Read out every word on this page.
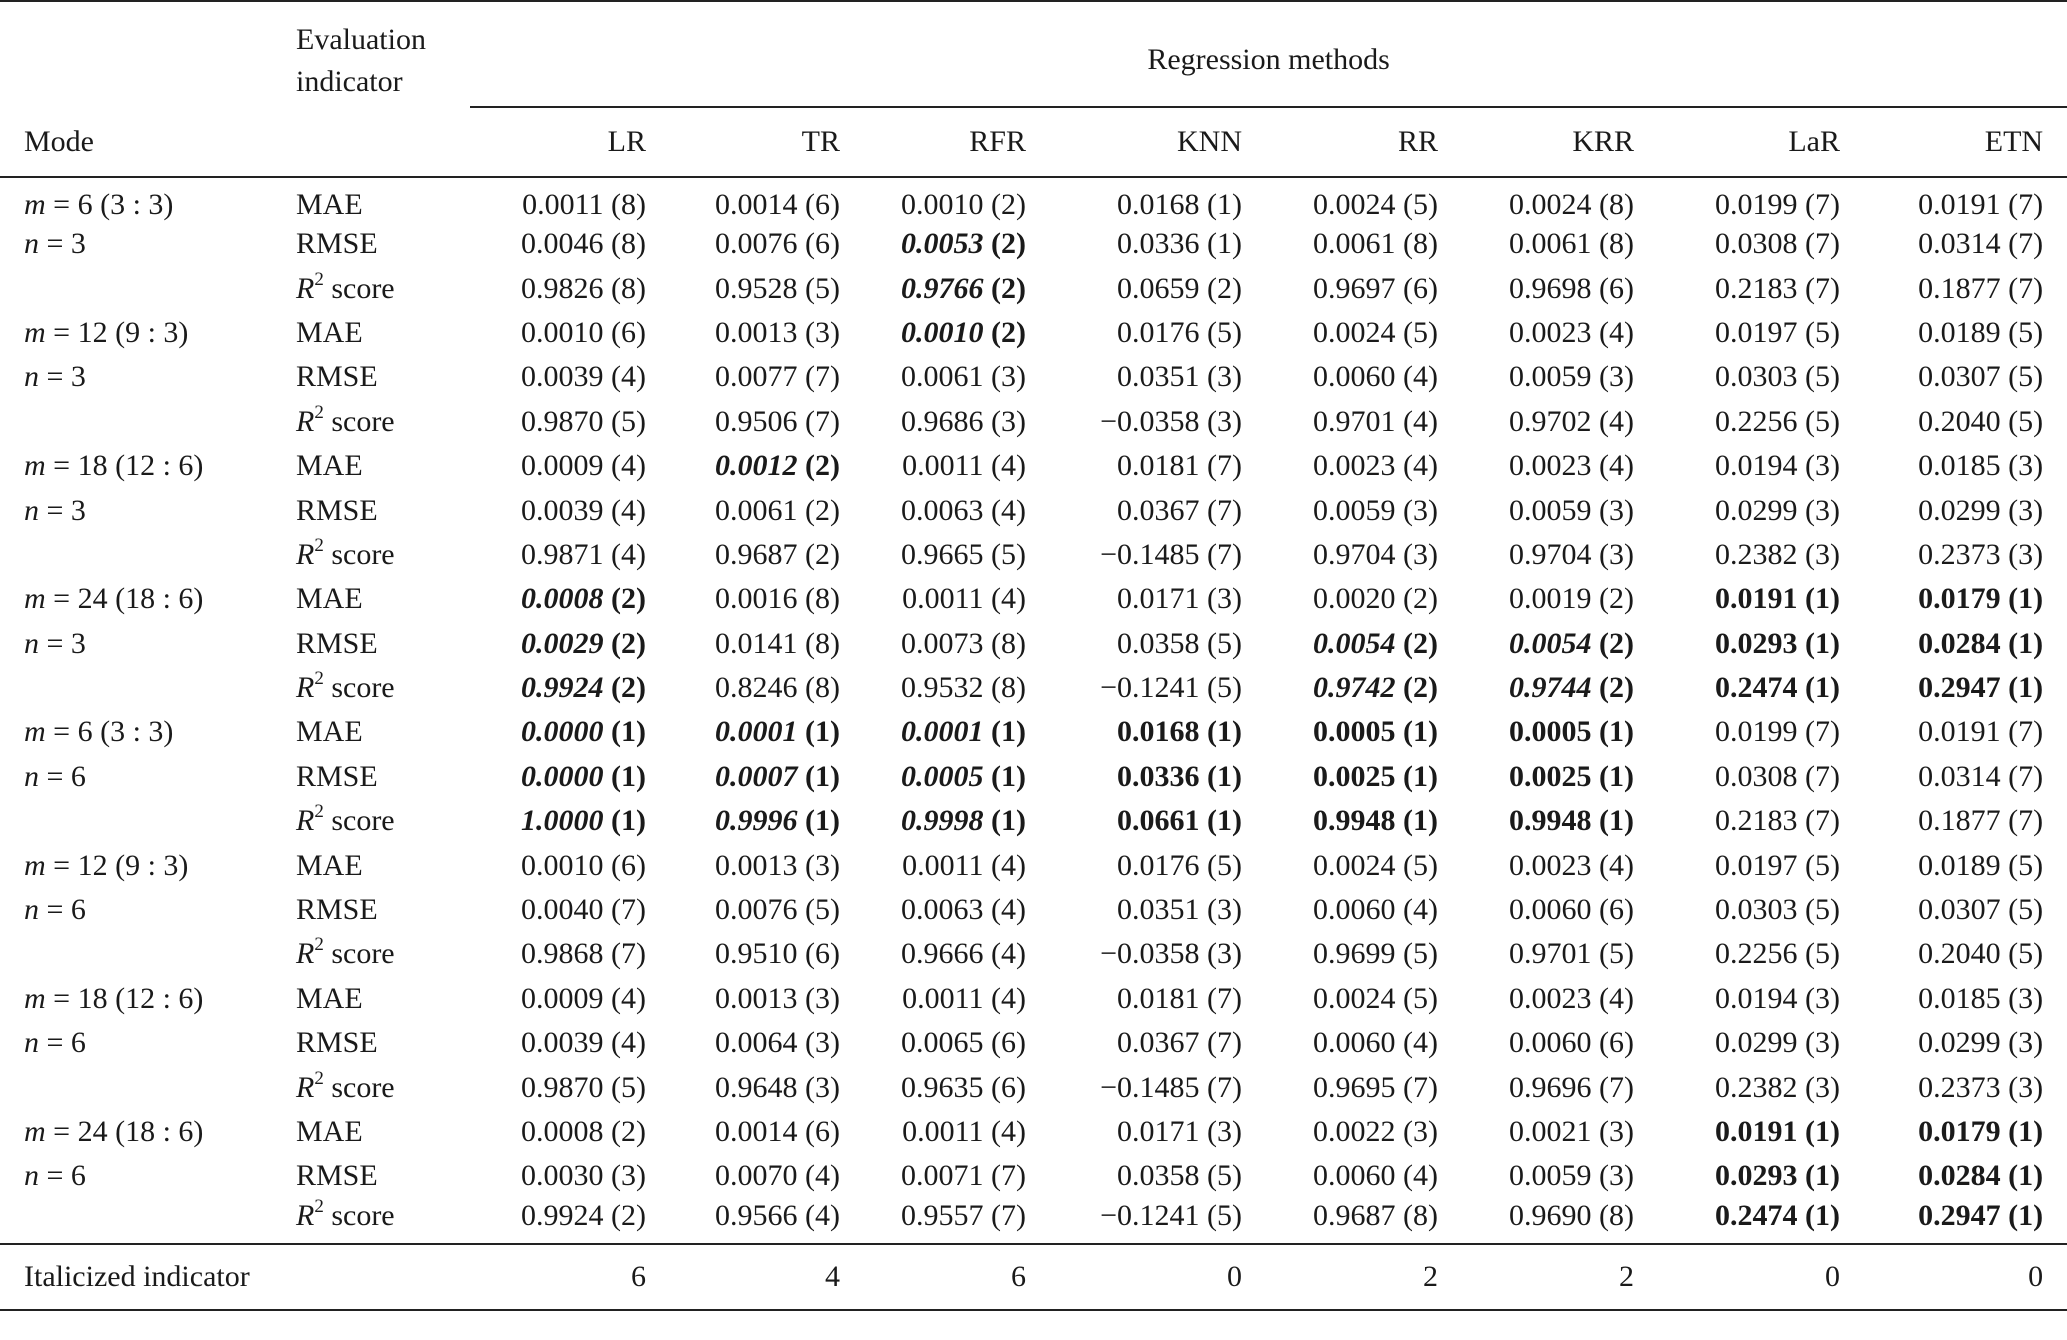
	Evaluation indicator	Regression methods							
Mode		LR	TR	RFR	KNN	RR	KRR	LaR	ETN
m = 6 (3 : 3)	MAE	0.0011 (8)	0.0014 (6)	0.0010 (2)	0.0168 (1)	0.0024 (5)	0.0024 (8)	0.0199 (7)	0.0191 (7)
n = 3	RMSE	0.0046 (8)	0.0076 (6)	0.0053 (2)	0.0336 (1)	0.0061 (8)	0.0061 (8)	0.0308 (7)	0.0314 (7)
	$R^2$ score	0.9826 (8)	0.9528 (5)	0.9766 (2)	0.0659 (2)	0.9697 (6)	0.9698 (6)	0.2183 (7)	0.1877 (7)
m = 12 (9 : 3)	MAE	0.0010 (6)	0.0013 (3)	0.0010 (2)	0.0176 (5)	0.0024 (5)	0.0023 (4)	0.0197 (5)	0.0189 (5)
n = 3	RMSE	0.0039 (4)	0.0077 (7)	0.0061 (3)	0.0351 (3)	0.0060 (4)	0.0059 (3)	0.0303 (5)	0.0307 (5)
	$R^2$ score	0.9870 (5)	0.9506 (7)	0.9686 (3)	−0.0358 (3)	0.9701 (4)	0.9702 (4)	0.2256 (5)	0.2040 (5)
m = 18 (12 : 6)	MAE	0.0009 (4)	0.0012 (2)	0.0011 (4)	0.0181 (7)	0.0023 (4)	0.0023 (4)	0.0194 (3)	0.0185 (3)
n = 3	RMSE	0.0039 (4)	0.0061 (2)	0.0063 (4)	0.0367 (7)	0.0059 (3)	0.0059 (3)	0.0299 (3)	0.0299 (3)
	$R^2$ score	0.9871 (4)	0.9687 (2)	0.9665 (5)	−0.1485 (7)	0.9704 (3)	0.9704 (3)	0.2382 (3)	0.2373 (3)
m = 24 (18 : 6)	MAE	0.0008 (2)	0.0016 (8)	0.0011 (4)	0.0171 (3)	0.0020 (2)	0.0019 (2)	0.0191 (1)	0.0179 (1)
n = 3	RMSE	0.0029 (2)	0.0141 (8)	0.0073 (8)	0.0358 (5)	0.0054 (2)	0.0054 (2)	0.0293 (1)	0.0284 (1)
	$R^2$ score	0.9924 (2)	0.8246 (8)	0.9532 (8)	−0.1241 (5)	0.9742 (2)	0.9744 (2)	0.2474 (1)	0.2947 (1)
m = 6 (3 : 3)	MAE	0.0000 (1)	0.0001 (1)	0.0001 (1)	0.0168 (1)	0.0005 (1)	0.0005 (1)	0.0199 (7)	0.0191 (7)
n = 6	RMSE	0.0000 (1)	0.0007 (1)	0.0005 (1)	0.0336 (1)	0.0025 (1)	0.0025 (1)	0.0308 (7)	0.0314 (7)
	$R^2$ score	1.0000 (1)	0.9996 (1)	0.9998 (1)	0.0661 (1)	0.9948 (1)	0.9948 (1)	0.2183 (7)	0.1877 (7)
m = 12 (9 : 3)	MAE	0.0010 (6)	0.0013 (3)	0.0011 (4)	0.0176 (5)	0.0024 (5)	0.0023 (4)	0.0197 (5)	0.0189 (5)
n = 6	RMSE	0.0040 (7)	0.0076 (5)	0.0063 (4)	0.0351 (3)	0.0060 (4)	0.0060 (6)	0.0303 (5)	0.0307 (5)
	$R^2$ score	0.9868 (7)	0.9510 (6)	0.9666 (4)	−0.0358 (3)	0.9699 (5)	0.9701 (5)	0.2256 (5)	0.2040 (5)
m = 18 (12 : 6)	MAE	0.0009 (4)	0.0013 (3)	0.0011 (4)	0.0181 (7)	0.0024 (5)	0.0023 (4)	0.0194 (3)	0.0185 (3)
n = 6	RMSE	0.0039 (4)	0.0064 (3)	0.0065 (6)	0.0367 (7)	0.0060 (4)	0.0060 (6)	0.0299 (3)	0.0299 (3)
	$R^2$ score	0.9870 (5)	0.9648 (3)	0.9635 (6)	−0.1485 (7)	0.9695 (7)	0.9696 (7)	0.2382 (3)	0.2373 (3)
m = 24 (18 : 6)	MAE	0.0008 (2)	0.0014 (6)	0.0011 (4)	0.0171 (3)	0.0022 (3)	0.0021 (3)	0.0191 (1)	0.0179 (1)
n = 6	RMSE	0.0030 (3)	0.0070 (4)	0.0071 (7)	0.0358 (5)	0.0060 (4)	0.0059 (3)	0.0293 (1)	0.0284 (1)
	$R^2$ score	0.9924 (2)	0.9566 (4)	0.9557 (7)	−0.1241 (5)	0.9687 (8)	0.9690 (8)	0.2474 (1)	0.2947 (1)
Italicized indicator		6	4	6	0	2	2	0	0
